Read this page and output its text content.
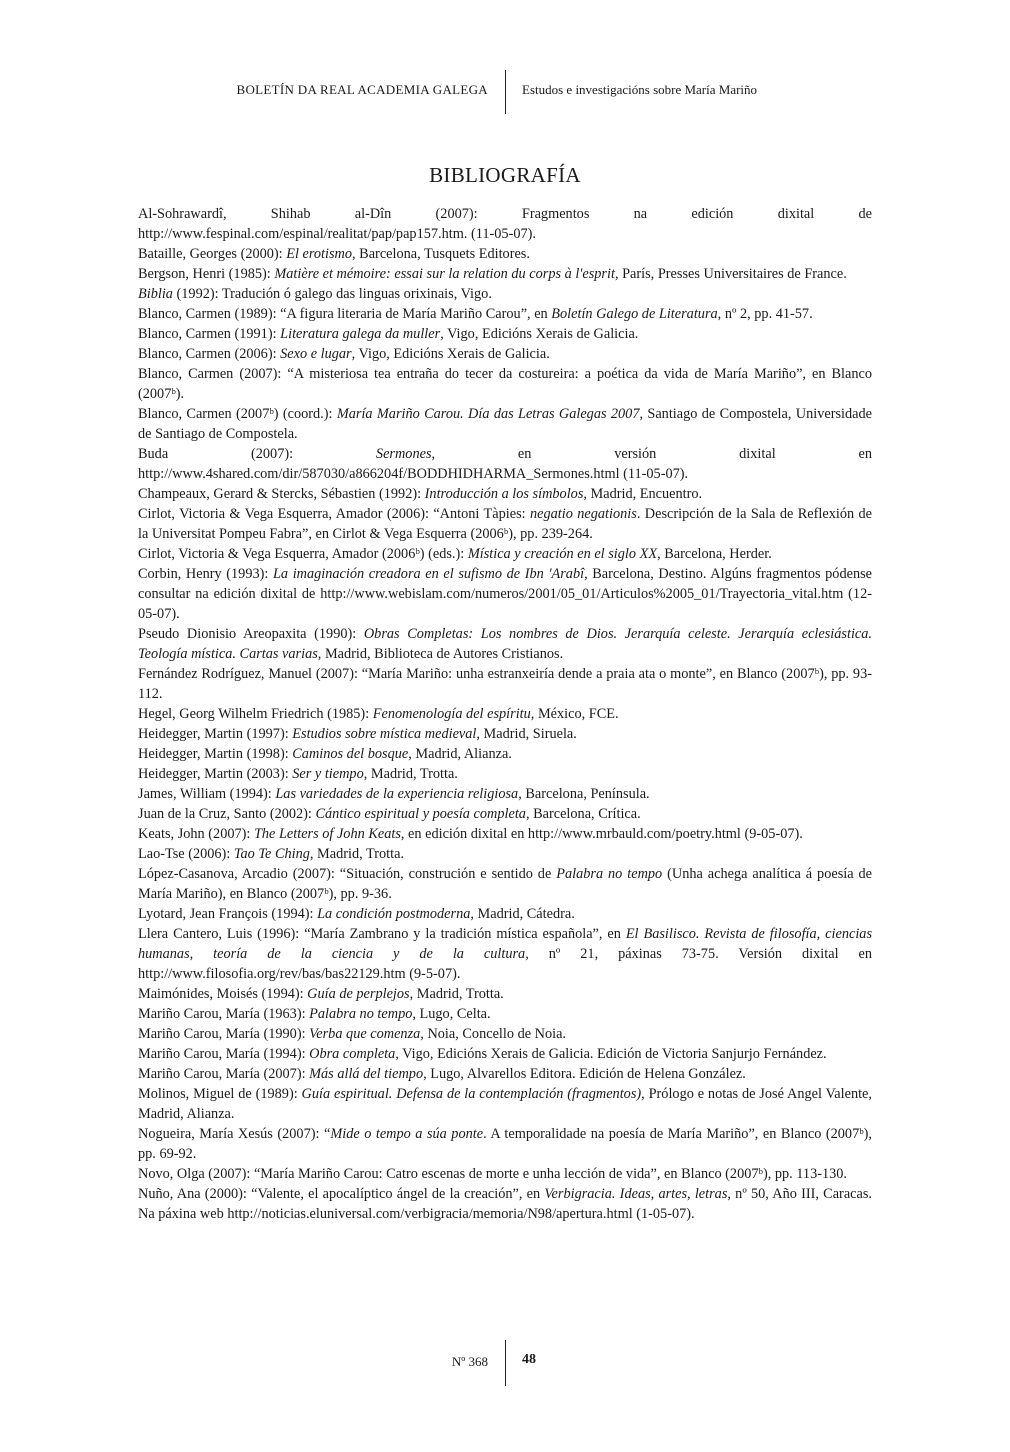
BOLETÍN DA REAL ACADEMIA GALEGA	Estudos e investigacións sobre María Mariño
BIBLIOGRAFÍA

Al-Sohrawardî, Shihab al-Dîn (2007): Fragmentos na edición dixital de http://www.fespinal.com/espinal/realitat/pap/pap157.htm. (11-05-07).

Bataille, Georges (2000): El erotismo, Barcelona, Tusquets Editores.

Bergson, Henri (1985): Matière et mémoire: essai sur la relation du corps à l'esprit, París, Presses Universitaires de France.

Biblia (1992): Tradución ó galego das linguas orixinais, Vigo.

Blanco, Carmen (1989): “A figura literaria de María Mariño Carou”, en Boletín Galego de Literatura, nº 2, pp. 41-57.

Blanco, Carmen (1991): Literatura galega da muller, Vigo, Edicións Xerais de Galicia.

Blanco, Carmen (2006): Sexo e lugar, Vigo, Edicións Xerais de Galicia.

Blanco, Carmen (2007): “A misteriosa tea entraña do tecer da costureira: a poética da vida de María Mariño”, en Blanco (2007ᵇ).

Blanco, Carmen (2007ᵇ) (coord.): María Mariño Carou. Día das Letras Galegas 2007, Santiago de Compostela, Universidade de Santiago de Compostela.

Buda (2007): Sermones, en versión dixital en http://www.4shared.com/dir/587030/a866204f/BODDHIDHARMA_Sermones.html (11-05-07).

Champeaux, Gerard & Stercks, Sébastien (1992): Introducción a los símbolos, Madrid, Encuentro.

Cirlot, Victoria & Vega Esquerra, Amador (2006): “Antoni Tàpies: negatio negationis. Descripción de la Sala de Reflexión de la Universitat Pompeu Fabra”, en Cirlot & Vega Esquerra (2006ᵇ), pp. 239-264.

Cirlot, Victoria & Vega Esquerra, Amador (2006ᵇ) (eds.): Mística y creación en el siglo XX, Barcelona, Herder.

Corbin, Henry (1993): La imaginación creadora en el sufismo de Ibn 'Arabî, Barcelona, Destino. Algúns fragmentos pódense consultar na edición dixital de http://www.webislam.com/numeros/2001/05_01/Articulos%2005_01/Trayectoria_vital.htm (12-05-07).

Pseudo Dionisio Areopaxita (1990): Obras Completas: Los nombres de Dios. Jerarquía celeste. Jerarquía eclesiástica. Teología mística. Cartas varias, Madrid, Biblioteca de Autores Cristianos.

Fernández Rodríguez, Manuel (2007): “María Mariño: unha estranxeiría dende a praia ata o monte”, en Blanco (2007ᵇ), pp. 93-112.

Hegel, Georg Wilhelm Friedrich (1985): Fenomenología del espíritu, México, FCE.

Heidegger, Martin (1997): Estudios sobre mística medieval, Madrid, Siruela.

Heidegger, Martin (1998): Caminos del bosque, Madrid, Alianza.

Heidegger, Martin (2003): Ser y tiempo, Madrid, Trotta.

James, William (1994): Las variedades de la experiencia religiosa, Barcelona, Península.

Juan de la Cruz, Santo (2002): Cántico espiritual y poesía completa, Barcelona, Crítica.

Keats, John (2007): The Letters of John Keats, en edición dixital en http://www.mrbauld.com/poetry.html (9-05-07).

Lao-Tse (2006): Tao Te Ching, Madrid, Trotta.

López-Casanova, Arcadio (2007): “Situación, construción e sentido de Palabra no tempo (Unha achega analítica á poesía de María Mariño), en Blanco (2007ᵇ), pp. 9-36.

Lyotard, Jean François (1994): La condición postmoderna, Madrid, Cátedra.

Llera Cantero, Luis (1996): “María Zambrano y la tradición mística española”, en El Basilisco. Revista de filosofía, ciencias humanas, teoría de la ciencia y de la cultura, nº 21, páxinas 73-75. Versión dixital en http://www.filosofia.org/rev/bas/bas22129.htm (9-5-07).

Maimónides, Moisés (1994): Guía de perplejos, Madrid, Trotta.

Mariño Carou, María (1963): Palabra no tempo, Lugo, Celta.

Mariño Carou, María (1990): Verba que comenza, Noia, Concello de Noia.

Mariño Carou, María (1994): Obra completa, Vigo, Edicións Xerais de Galicia. Edición de Victoria Sanjurjo Fernández.

Mariño Carou, María (2007): Más allá del tiempo, Lugo, Alvarellos Editora. Edición de Helena González.

Molinos, Miguel de (1989): Guía espiritual. Defensa de la contemplación (fragmentos), Prólogo e notas de José Angel Valente, Madrid, Alianza.

Nogueira, María Xesús (2007): “Mide o tempo a súa ponte. A temporalidade na poesía de María Mariño”, en Blanco (2007ᵇ), pp. 69-92.

Novo, Olga (2007): “María Mariño Carou: Catro escenas de morte e unha lección de vida”, en Blanco (2007ᵇ), pp. 113-130.

Nuño, Ana (2000): “Valente, el apocalíptico ángel de la creación”, en Verbigracia. Ideas, artes, letras, nº 50, Año III, Caracas. Na páxina web http://noticias.eluniversal.com/verbigracia/memoria/N98/apertura.html (1-05-07).

Nº 368 48
